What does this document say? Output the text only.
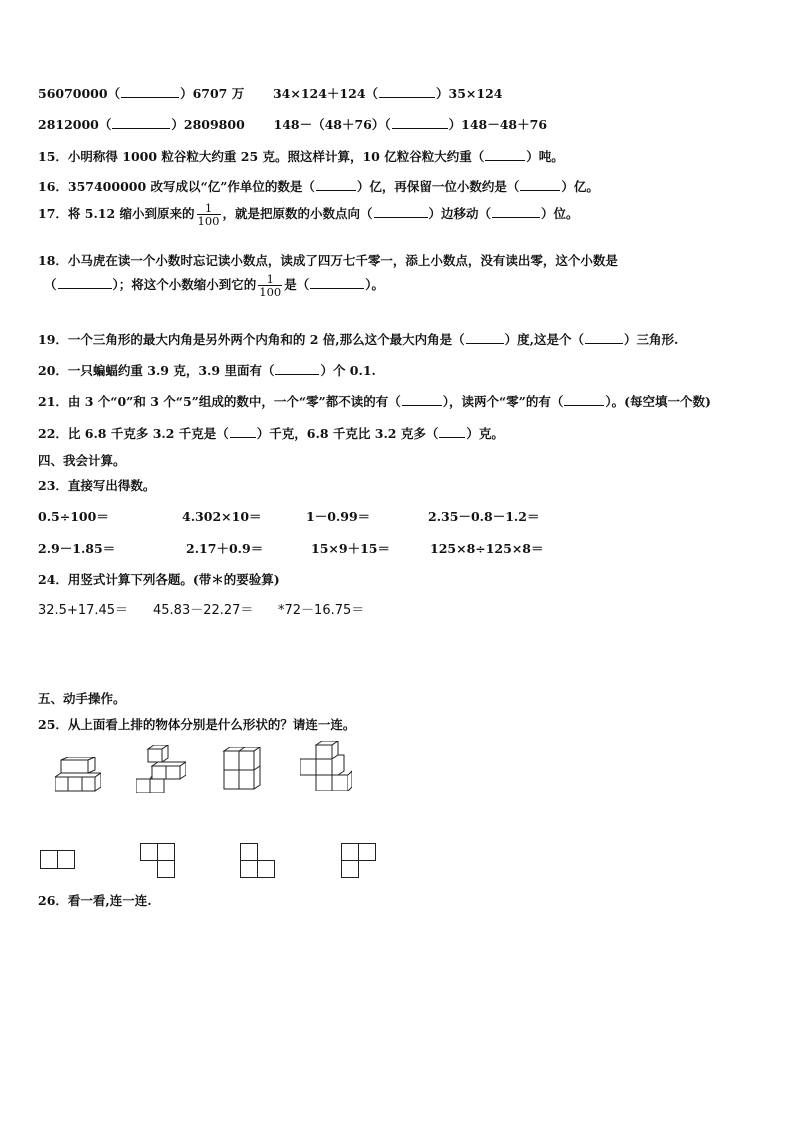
56070000（	）6707 万 34×124＋124（	）35×124
2812000（	）2809800 148－（48＋76）（	）148－48＋76
15．小明称得 1000 粒谷粒大约重 25 克。照这样计算，10 亿粒谷粒大约重（	）吨。
16．357400000 改写成以“亿”作单位的数是（	）亿，再保留一位小数约是（	）亿。
17．将 5.12 缩小到原来的 $\frac{1}{100}$ ，就是把原数的小数点向（	）边移动（	）位。
18．小马虎在读一个小数时忘记读小数点，读成了四万七千零一，添上小数点，没有读出零，这个小数是
（	）；将这个小数缩小到它的 $\frac{1}{100}$ 是（	）。
19．一个三角形的最大内角是另外两个内角和的 2 倍,那么这个最大内角是（	）度,这是个（	）三角形.
20．一只蝙蝠约重 3.9 克，3.9 里面有（	）个 0.1.
21．由 3 个“0”和 3 个“5”组成的数中，一个“零”都不读的有（	），读两个“零”的有（	）。(每空填一个数)
22．比 6.8 千克多 3.2 千克是（ ）千克，6.8 千克比 3.2 克多（ ）克。
四、我会计算。
23．直接写出得数。
0.5÷100＝	4.302×10＝	1－0.99＝	2.35－0.8－1.2＝
2.9－1.85＝	2.17＋0.9＝	15×9＋15＝	125×8÷125×8＝
24．用竖式计算下列各题。(带＊的要验算)
32.5+17.45＝ 45.83－22.27＝ *72－16.75＝
五、动手操作。
25．从上面看上排的物体分别是什么形状的？请连一连。
26．看一看,连一连.
